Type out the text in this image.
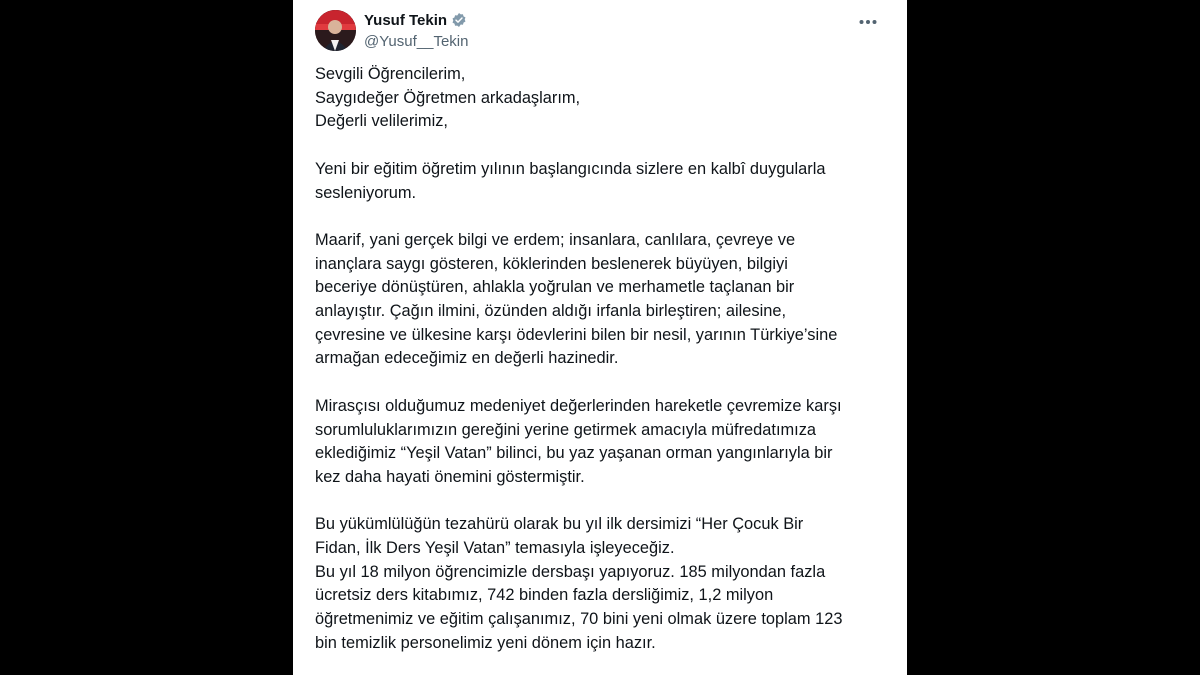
Yusuf Tekin
@Yusuf__Tekin

Sevgili Öğrencilerim,
Saygıdeğer Öğretmen arkadaşlarım,
Değerli velilerimiz,

Yeni bir eğitim öğretim yılının başlangıcında sizlere en kalbî duygularla
sesleniyorum.

Maarif, yani gerçek bilgi ve erdem; insanlara, canlılara, çevreye ve
inançlara saygı gösteren, köklerinden beslenerek büyüyen, bilgiyi
beceriye dönüştüren, ahlakla yoğrulan ve merhametle taçlanan bir
anlayıştır. Çağın ilmini, özünden aldığı irfanla birleştiren; ailesine,
çevresine ve ülkesine karşı ödevlerini bilen bir nesil, yarının Türkiye’sine
armağan edeceğimiz en değerli hazinedir.

Mirasçısı olduğumuz medeniyet değerlerinden hareketle çevremize karşı
sorumluluklarımızın gereğini yerine getirmek amacıyla müfredatımıza
eklediğimiz “Yeşil Vatan” bilinci, bu yaz yaşanan orman yangınlarıyla bir
kez daha hayati önemini göstermiştir.

Bu yükümlülüğün tezahürü olarak bu yıl ilk dersimizi “Her Çocuk Bir
Fidan, İlk Ders Yeşil Vatan” temasıyla işleyeceğiz.
Bu yıl 18 milyon öğrencimizle dersbaşı yapıyoruz. 185 milyondan fazla
ücretsiz ders kitabımız, 742 binden fazla dersliğimiz, 1,2 milyon
öğretmenimiz ve eğitim çalışanımız, 70 bini yeni olmak üzere toplam 123
bin temizlik personelimiz yeni dönem için hazır.
